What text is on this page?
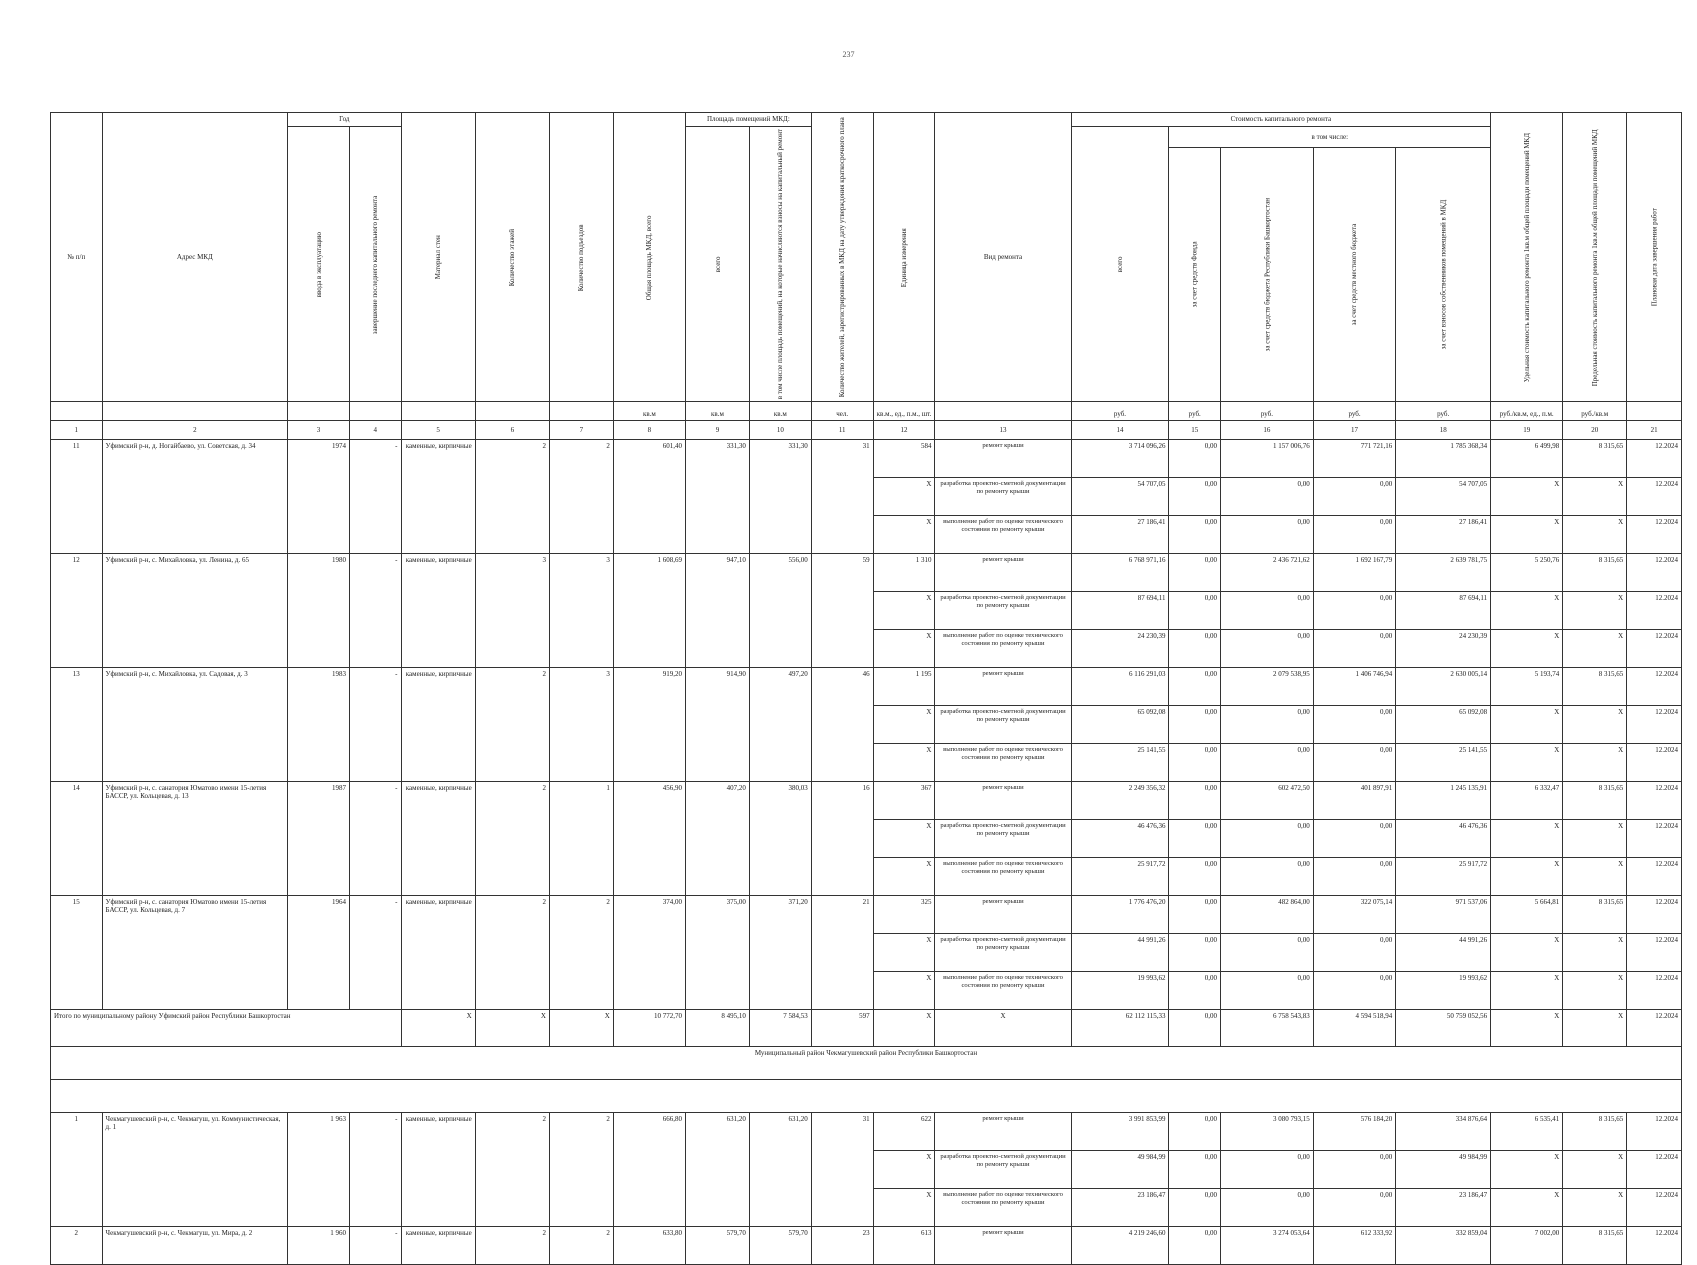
237
№ п/п	Адрес МКД	Год		Материал стен	Количество этажей	Количество подъездов	Общая площадь МКД, всего	Площадь помещений МКД:		Количество жителей, зарегистрированных в МКД на дату утверждения краткосрочного плана	Единица измерения	Вид ремонта	Стоимость капитального ремонта					Удельная стоимость капитального ремонта 1кв.м общей площади помещений МКД	Предельная стоимость капитального ремонта 1кв.м общей площади помещений МКД	Плановая дата завершения работ
		ввода в эксплуатацию	завершение последнего капитального ремонта					всего	в том числе площадь помещений, на которые начисляются взносы на капитальный ремонт				всего	в том числе:						
														за счет средств Фонда	за счет средств бюджета Республики Башкортостан	за счет средств местного бюджета	за счет взносов собственников помещений в МКД			
							кв.м	кв.м	кв.м	чел.	кв.м., ед., п.м., шт.		руб.	руб.	руб.	руб.	руб.	руб./кв.м, ед., п.м.	руб./кв.м	
1	2	3	4	5	6	7	8	9	10	11	12	13	14	15	16	17	18	19	20	21
11	Уфимский р-н, д. Ногайбаево, ул. Советская, д. 34	1974	-	каменные, кирпичные	2	2	601,40	331,30	331,30	31	584	ремонт крыши	3 714 096,26	0,00	1 157 006,76	771 721,16	1 785 368,34	6 499,98	8 315,65	12.2024
											X	разработка проектно-сметной документации по ремонту крыши	54 707,05	0,00	0,00	0,00	54 707,05	X	X	12.2024
											X	выполнение работ по оценке технического состояния по ремонту крыши	27 186,41	0,00	0,00	0,00	27 186,41	X	X	12.2024
12	Уфимский р-н, с. Михайловка, ул. Ленина, д. 65	1980	-	каменные, кирпичные	3	3	1 608,69	947,10	556,00	59	1 310	ремонт крыши	6 768 971,16	0,00	2 436 721,62	1 692 167,79	2 639 781,75	5 250,76	8 315,65	12.2024
											X	разработка проектно-сметной документации по ремонту крыши	87 694,11	0,00	0,00	0,00	87 694,11	X	X	12.2024
											X	выполнение работ по оценке технического состояния по ремонту крыши	24 230,39	0,00	0,00	0,00	24 230,39	X	X	12.2024
13	Уфимский р-н, с. Михайловка, ул. Садовая, д. 3	1983	-	каменные, кирпичные	2	3	919,20	914,90	497,20	46	1 195	ремонт крыши	6 116 291,03	0,00	2 079 538,95	1 406 746,94	2 630 005,14	5 193,74	8 315,65	12.2024
											X	разработка проектно-сметной документации по ремонту крыши	65 092,08	0,00	0,00	0,00	65 092,08	X	X	12.2024
											X	выполнение работ по оценке технического состояния по ремонту крыши	25 141,55	0,00	0,00	0,00	25 141,55	X	X	12.2024
14	Уфимский р-н, с. санатория Юматово имени 15-летия БАССР, ул. Кольцевая, д. 13	1987	-	каменные, кирпичные	2	1	456,90	407,20	380,03	16	367	ремонт крыши	2 249 356,32	0,00	602 472,50	401 897,91	1 245 135,91	6 332,47	8 315,65	12.2024
											X	разработка проектно-сметной документации по ремонту крыши	46 476,36	0,00	0,00	0,00	46 476,36	X	X	12.2024
											X	выполнение работ по оценке технического состояния по ремонту крыши	25 917,72	0,00	0,00	0,00	25 917,72	X	X	12.2024
15	Уфимский р-н, с. санатория Юматово имени 15-летия БАССР, ул. Кольцевая, д. 7	1964	-	каменные, кирпичные	2	2	374,00	375,00	371,20	21	325	ремонт крыши	1 776 476,20	0,00	482 864,00	322 075,14	971 537,06	5 664,81	8 315,65	12.2024
											X	разработка проектно-сметной документации по ремонту крыши	44 991,26	0,00	0,00	0,00	44 991,26	X	X	12.2024
											X	выполнение работ по оценке технического состояния по ремонту крыши	19 993,62	0,00	0,00	0,00	19 993,62	X	X	12.2024
Итого по муниципальному району Уфимский район Республики Башкортостан				X	X	X	10 772,70	8 495,10	7 584,53	597	X	X	62 112 115,33	0,00	6 758 543,83	4 594 518,94	50 759 052,56	X	X	12.2024
Муниципальный район Чекмагушевский район Республики Башкортостан																				

1	Чекмагушевский р-н, с. Чекмагуш, ул. Коммунистическая, д. 1	1 963	-	каменные, кирпичные	2	2	666,80	631,20	631,20	31	622	ремонт крыши	3 991 853,99	0,00	3 080 793,15	576 184,20	334 876,64	6 535,41	8 315,65	12.2024
											X	разработка проектно-сметной документации по ремонту крыши	49 984,99	0,00	0,00	0,00	49 984,99	X	X	12.2024
											X	выполнение работ по оценке технического состояния по ремонту крыши	23 186,47	0,00	0,00	0,00	23 186,47	X	X	12.2024
2	Чекмагушевский р-н, с. Чекмагуш, ул. Мира, д. 2	1 960	-	каменные, кирпичные	2	2	633,80	579,70	579,70	23	613	ремонт крыши	4 219 246,60	0,00	3 274 053,64	612 333,92	332 859,04	7 002,00	8 315,65	12.2024
